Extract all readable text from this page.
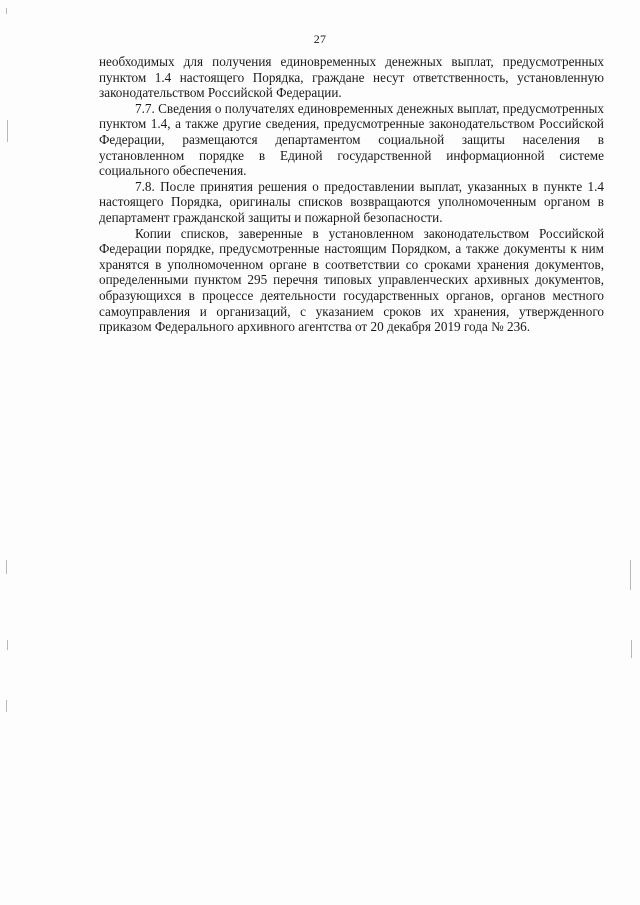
27

необходимых для получения единовременных денежных выплат, предусмотренных пунктом 1.4 настоящего Порядка, граждане несут ответственность, установленную законодательством Российской Федерации.

7.7. Сведения о получателях единовременных денежных выплат, предусмотренных пунктом 1.4, а также другие сведения, предусмотренные законодательством Российской Федерации, размещаются департаментом социальной защиты населения в установленном порядке в Единой государственной информационной системе социального обеспечения.

7.8. После принятия решения о предоставлении выплат, указанных в пункте 1.4 настоящего Порядка, оригиналы списков возвращаются уполномоченным органом в департамент гражданской защиты и пожарной безопасности.

Копии списков, заверенные в установленном законодательством Российской Федерации порядке, предусмотренные настоящим Порядком, а также документы к ним хранятся в уполномоченном органе в соответствии со сроками хранения документов, определенными пунктом 295 перечня типовых управленческих архивных документов, образующихся в процессе деятельности государственных органов, органов местного самоуправления и организаций, с указанием сроков их хранения, утвержденного приказом Федерального архивного агентства от 20 декабря 2019 года № 236.
